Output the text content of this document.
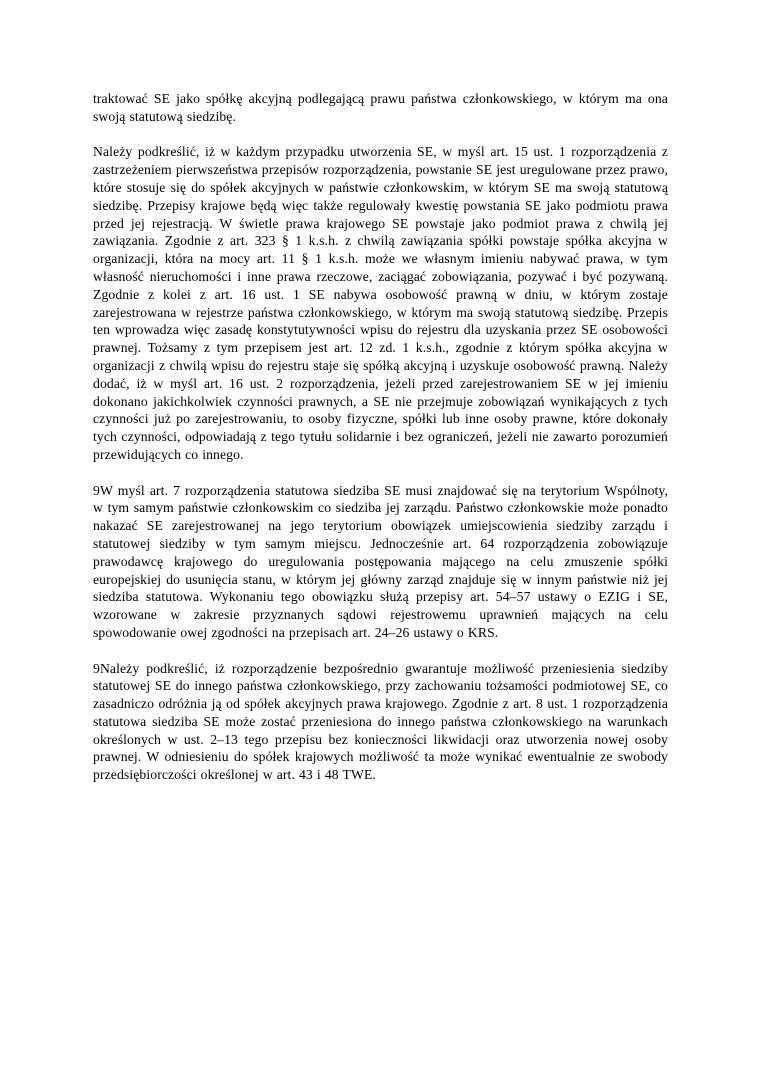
traktować SE jako spółkę akcyjną podlegającą prawu państwa członkowskiego, w którym ma ona swoją statutową siedzibę.

Należy podkreślić, iż w każdym przypadku utworzenia SE, w myśl art. 15 ust. 1 rozporządzenia z zastrzeżeniem pierwszeństwa przepisów rozporządzenia, powstanie SE jest uregulowane przez prawo, które stosuje się do spółek akcyjnych w państwie członkowskim, w którym SE ma swoją statutową siedzibę. Przepisy krajowe będą więc także regulowały kwestię powstania SE jako podmiotu prawa przed jej rejestracją. W świetle prawa krajowego SE powstaje jako podmiot prawa z chwilą jej zawiązania. Zgodnie z art. 323 § 1 k.s.h. z chwilą zawiązania spółki powstaje spółka akcyjna w organizacji, która na mocy art. 11 § 1 k.s.h. może we własnym imieniu nabywać prawa, w tym własność nieruchomości i inne prawa rzeczowe, zaciągać zobowiązania, pozywać i być pozywaną. Zgodnie z kolei z art. 16 ust. 1 SE nabywa osobowość prawną w dniu, w którym zostaje zarejestrowana w rejestrze państwa członkowskiego, w którym ma swoją statutową siedzibę. Przepis ten wprowadza więc zasadę konstytutywności wpisu do rejestru dla uzyskania przez SE osobowości prawnej. Tożsamy z tym przepisem jest art. 12 zd. 1 k.s.h., zgodnie z którym spółka akcyjna w organizacji z chwilą wpisu do rejestru staje się spółką akcyjną i uzyskuje osobowość prawną. Należy dodać, iż w myśl art. 16 ust. 2 rozporządzenia, jeżeli przed zarejestrowaniem SE w jej imieniu dokonano jakichkolwiek czynności prawnych, a SE nie przejmuje zobowiązań wynikających z tych czynności już po zarejestrowaniu, to osoby fizyczne, spółki lub inne osoby prawne, które dokonały tych czynności, odpowiadają z tego tytułu solidarnie i bez ograniczeń, jeżeli nie zawarto porozumień przewidujących co innego.

9W myśl art. 7 rozporządzenia statutowa siedziba SE musi znajdować się na terytorium Wspólnoty, w tym samym państwie członkowskim co siedziba jej zarządu. Państwo członkowskie może ponadto nakazać SE zarejestrowanej na jego terytorium obowiązek umiejscowienia siedziby zarządu i statutowej siedziby w tym samym miejscu. Jednocześnie art. 64 rozporządzenia zobowiązuje prawodawcę krajowego do uregulowania postępowania mającego na celu zmuszenie spółki europejskiej do usunięcia stanu, w którym jej główny zarząd znajduje się w innym państwie niż jej siedziba statutowa. Wykonaniu tego obowiązku służą przepisy art. 54–57 ustawy o EZIG i SE, wzorowane w zakresie przyznanych sądowi rejestrowemu uprawnień mających na celu spowodowanie owej zgodności na przepisach art. 24–26 ustawy o KRS.

9Należy podkreślić, iż rozporządzenie bezpośrednio gwarantuje możliwość przeniesienia siedziby statutowej SE do innego państwa członkowskiego, przy zachowaniu tożsamości podmiotowej SE, co zasadniczo odróżnia ją od spółek akcyjnych prawa krajowego. Zgodnie z art. 8 ust. 1 rozporządzenia statutowa siedziba SE może zostać przeniesiona do innego państwa członkowskiego na warunkach określonych w ust. 2–13 tego przepisu bez konieczności likwidacji oraz utworzenia nowej osoby prawnej. W odniesieniu do spółek krajowych możliwość ta może wynikać ewentualnie ze swobody przedsiębiorczości określonej w art. 43 i 48 TWE.
